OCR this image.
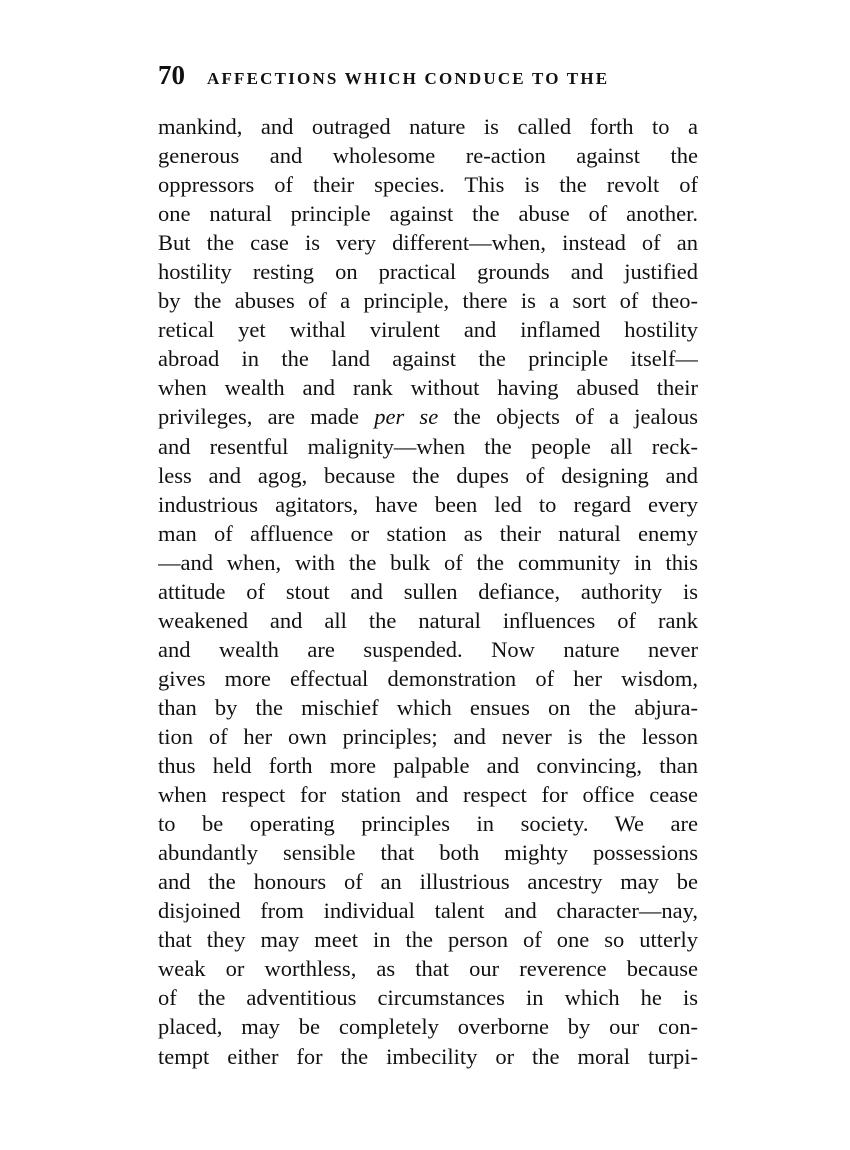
70 AFFECTIONS WHICH CONDUCE TO THE
mankind, and outraged nature is called forth to a
generous and wholesome re-action against the
oppressors of their species. This is the revolt of
one natural principle against the abuse of another.
But the case is very different—when, instead of an
hostility resting on practical grounds and justified
by the abuses of a principle, there is a sort of theo-
retical yet withal virulent and inflamed hostility
abroad in the land against the principle itself—
when wealth and rank without having abused their
privileges, are made per se the objects of a jealous
and resentful malignity—when the people all reck-
less and agog, because the dupes of designing and
industrious agitators, have been led to regard every
man of affluence or station as their natural enemy
—and when, with the bulk of the community in this
attitude of stout and sullen defiance, authority is
weakened and all the natural influences of rank
and wealth are suspended. Now nature never
gives more effectual demonstration of her wisdom,
than by the mischief which ensues on the abjura-
tion of her own principles; and never is the lesson
thus held forth more palpable and convincing, than
when respect for station and respect for office cease
to be operating principles in society. We are
abundantly sensible that both mighty possessions
and the honours of an illustrious ancestry may be
disjoined from individual talent and character—nay,
that they may meet in the person of one so utterly
weak or worthless, as that our reverence because
of the adventitious circumstances in which he is
placed, may be completely overborne by our con-
tempt either for the imbecility or the moral turpi-
